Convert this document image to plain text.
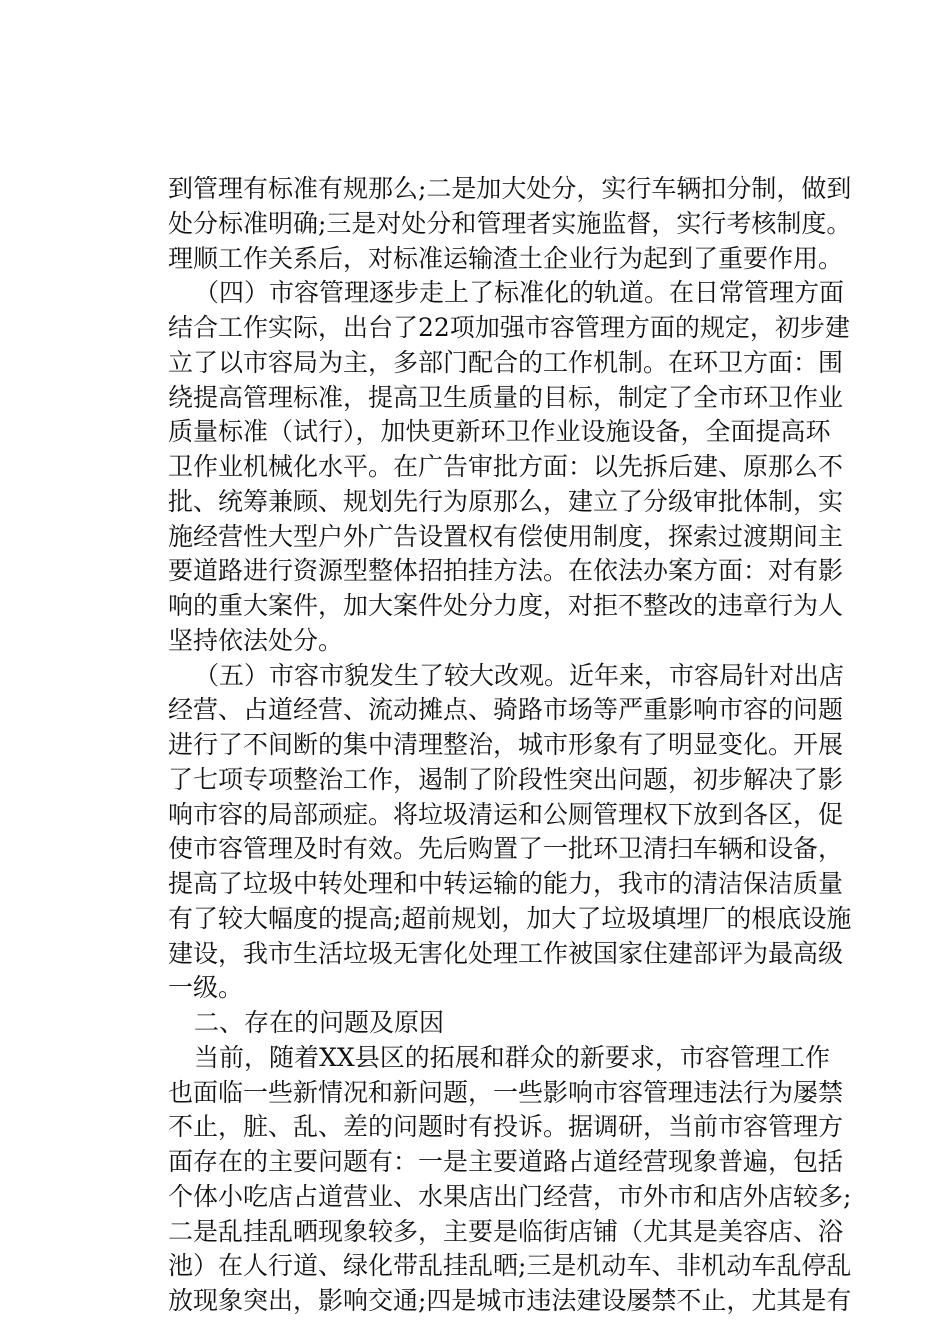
到管理有标准有规那么;二是加大处分，实行车辆扣分制，做到
处分标准明确;三是对处分和管理者实施监督，实行考核制度。
理顺工作关系后，对标准运输渣土企业行为起到了重要作用。
（四）市容管理逐步走上了标准化的轨道。在日常管理方面
结合工作实际，出台了22项加强市容管理方面的规定，初步建
立了以市容局为主，多部门配合的工作机制。在环卫方面：围
绕提高管理标准，提高卫生质量的目标，制定了全市环卫作业
质量标准（试行），加快更新环卫作业设施设备，全面提高环
卫作业机械化水平。在广告审批方面：以先拆后建、原那么不
批、统筹兼顾、规划先行为原那么，建立了分级审批体制，实
施经营性大型户外广告设置权有偿使用制度，探索过渡期间主
要道路进行资源型整体招拍挂方法。在依法办案方面：对有影
响的重大案件，加大案件处分力度，对拒不整改的违章行为人
坚持依法处分。
（五）市容市貌发生了较大改观。近年来，市容局针对出店
经营、占道经营、流动摊点、骑路市场等严重影响市容的问题
进行了不间断的集中清理整治，城市形象有了明显变化。开展
了七项专项整治工作，遏制了阶段性突出问题，初步解决了影
响市容的局部顽症。将垃圾清运和公厕管理权下放到各区，促
使市容管理及时有效。先后购置了一批环卫清扫车辆和设备，
提高了垃圾中转处理和中转运输的能力，我市的清洁保洁质量
有了较大幅度的提高;超前规划，加大了垃圾填埋厂的根底设施
建设，我市生活垃圾无害化处理工作被国家住建部评为最高级
一级。
二、存在的问题及原因
当前，随着XX县区的拓展和群众的新要求，市容管理工作
也面临一些新情况和新问题，一些影响市容管理违法行为屡禁
不止，脏、乱、差的问题时有投诉。据调研，当前市容管理方
面存在的主要问题有：一是主要道路占道经营现象普遍，包括
个体小吃店占道营业、水果店出门经营，市外市和店外店较多;
二是乱挂乱晒现象较多，主要是临街店铺（尤其是美容店、浴
池）在人行道、绿化带乱挂乱晒;三是机动车、非机动车乱停乱
放现象突出，影响交通;四是城市违法建设屡禁不止，尤其是有
